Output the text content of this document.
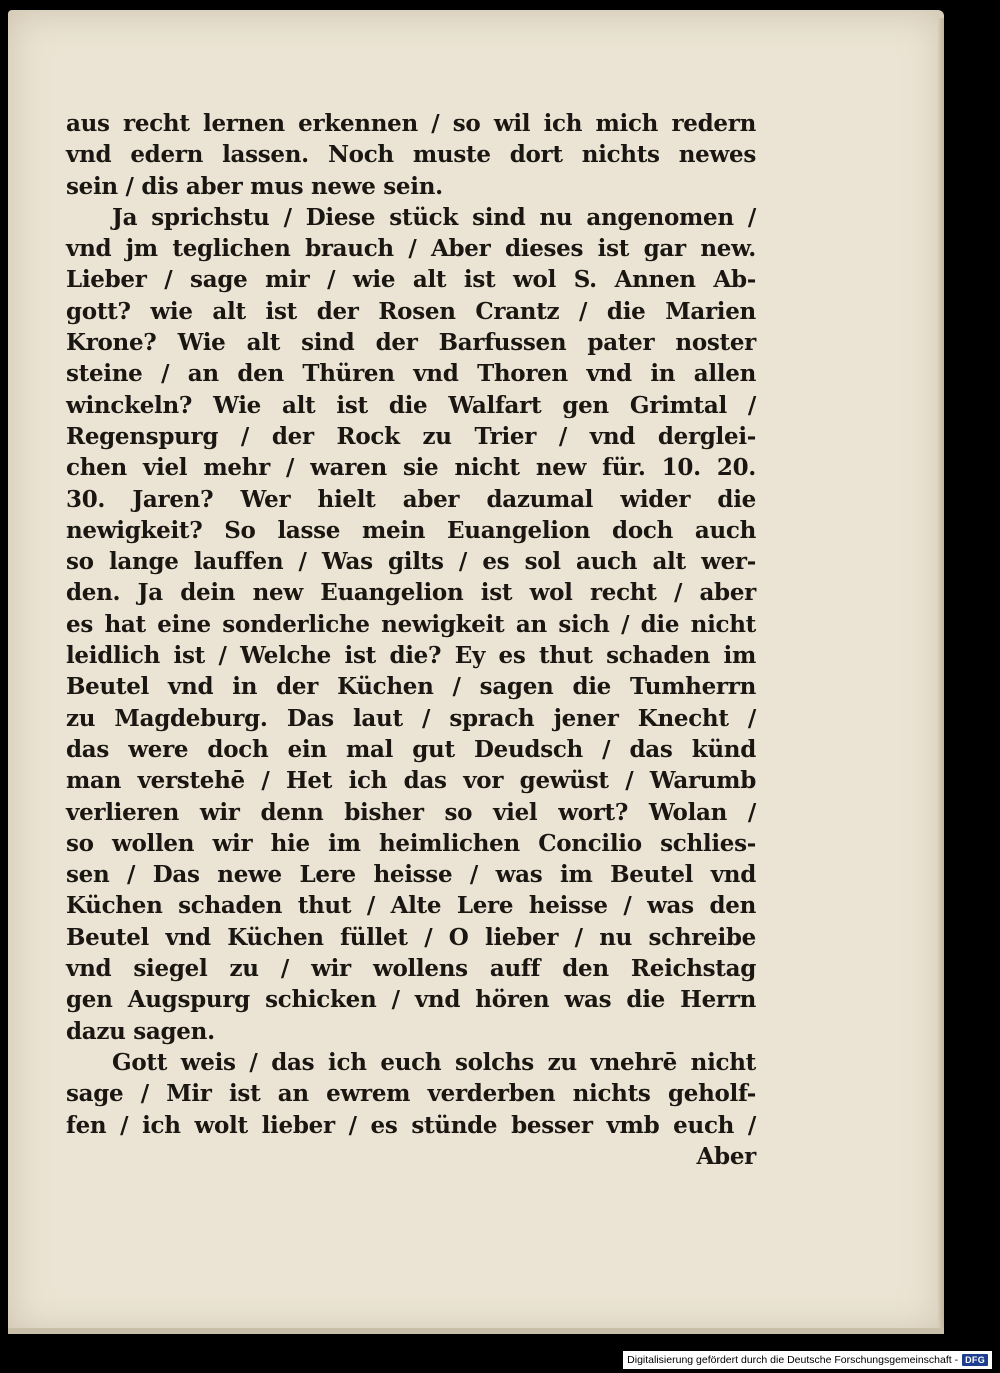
aus recht lernen erkennen / so wil ich mich redern
vnd edern lassen. Noch muste dort nichts newes
sein / dis aber mus newe sein.
Ja sprichstu / Diese stück sind nu angenomen /
vnd jm teglichen brauch / Aber dieses ist gar new.
Lieber / sage mir / wie alt ist wol S. Annen Ab-
gott? wie alt ist der Rosen Crantz / die Marien
Krone? Wie alt sind der Barfussen pater noster
steine / an den Thüren vnd Thoren vnd in allen
winckeln? Wie alt ist die Walfart gen Grimtal /
Regenspurg / der Rock zu Trier / vnd derglei-
chen viel mehr / waren sie nicht new für. 10. 20.
30. Jaren? Wer hielt aber dazumal wider die
newigkeit? So lasse mein Euangelion doch auch
so lange lauffen / Was gilts / es sol auch alt wer-
den. Ja dein new Euangelion ist wol recht / aber
es hat eine sonderliche newigkeit an sich / die nicht
leidlich ist / Welche ist die? Ey es thut schaden im
Beutel vnd in der Küchen / sagen die Tumherrn
zu Magdeburg. Das laut / sprach jener Knecht /
das were doch ein mal gut Deudsch / das künd
man verstehē / Het ich das vor gewüst / Warumb
verlieren wir denn bisher so viel wort? Wolan /
so wollen wir hie im heimlichen Concilio schlies-
sen / Das newe Lere heisse / was im Beutel vnd
Küchen schaden thut / Alte Lere heisse / was den
Beutel vnd Küchen füllet / O lieber / nu schreibe
vnd siegel zu / wir wollens auff den Reichstag
gen Augspurg schicken / vnd hören was die Herrn
dazu sagen.
Gott weis / das ich euch solchs zu vnehrē nicht
sage / Mir ist an ewrem verderben nichts geholf-
fen / ich wolt lieber / es stünde besser vmb euch /
Aber
Digitalisierung gefördert durch die Deutsche Forschungsgemeinschaft - DFG
